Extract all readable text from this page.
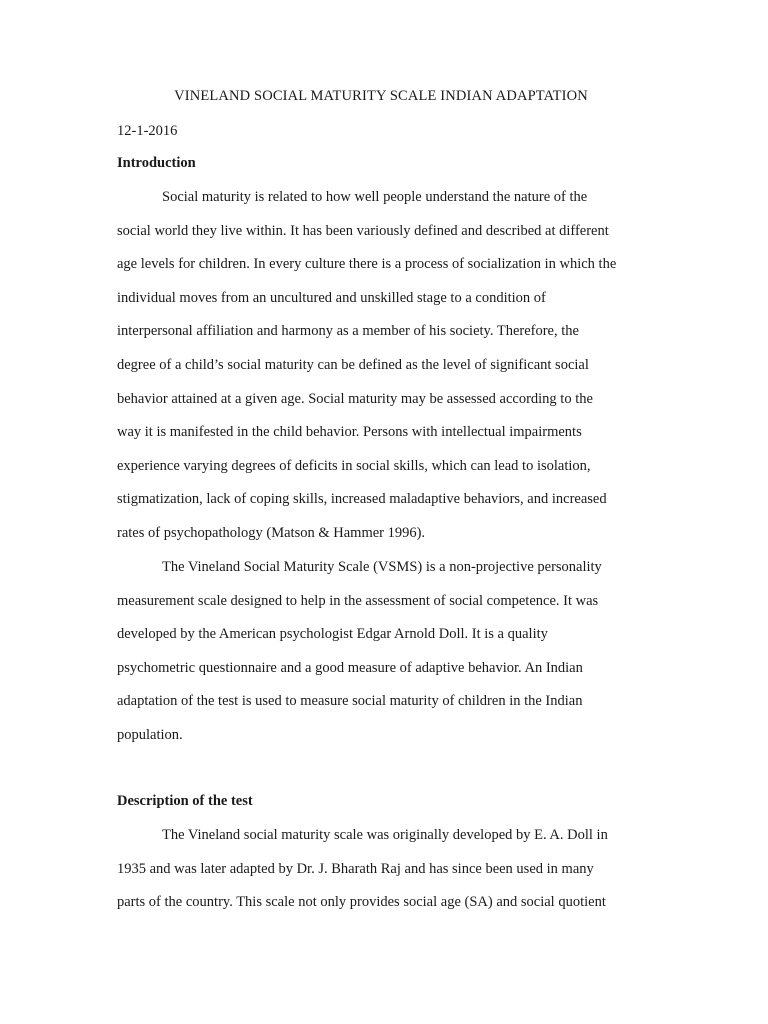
VINELAND SOCIAL MATURITY SCALE INDIAN ADAPTATION

12-1-2016

Introduction
Social maturity is related to how well people understand the nature of the
social world they live within. It has been variously defined and described at different
age levels for children. In every culture there is a process of socialization in which the
individual moves from an uncultured and unskilled stage to a condition of
interpersonal affiliation and harmony as a member of his society. Therefore, the
degree of a child’s social maturity can be defined as the level of significant social
behavior attained at a given age. Social maturity may be assessed according to the
way it is manifested in the child behavior. Persons with intellectual impairments
experience varying degrees of deficits in social skills, which can lead to isolation,
stigmatization, lack of coping skills, increased maladaptive behaviors, and increased
rates of psychopathology (Matson & Hammer 1996).
The Vineland Social Maturity Scale (VSMS) is a non-projective personality
measurement scale designed to help in the assessment of social competence. It was
developed by the American psychologist Edgar Arnold Doll. It is a quality
psychometric questionnaire and a good measure of adaptive behavior. An Indian
adaptation of the test is used to measure social maturity of children in the Indian
population.
Description of the test
The Vineland social maturity scale was originally developed by E. A. Doll in
1935 and was later adapted by Dr. J. Bharath Raj and has since been used in many
parts of the country. This scale not only provides social age (SA) and social quotient
